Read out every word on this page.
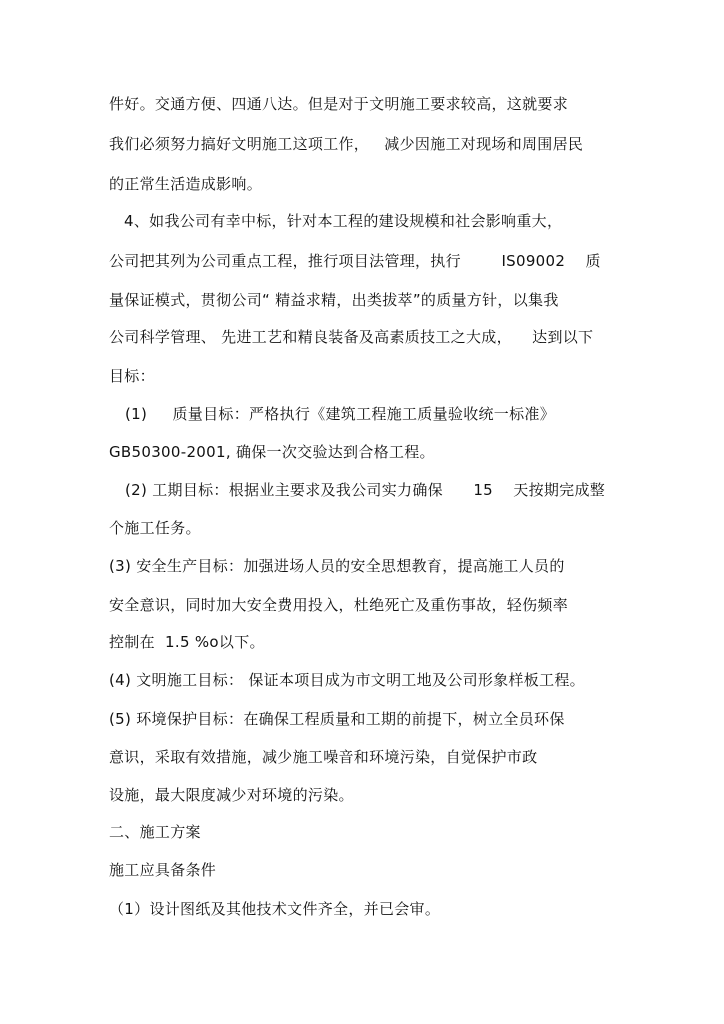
件好。交通方便、四通八达。但是对于文明施工要求较高，这就要求
我们必须努力搞好文明施工这项工作，   减少因施工对现场和周围居民
的正常生活造成影响。
4、如我公司有幸中标，针对本工程的建设规模和社会影响重大，
公司把其列为公司重点工程，推行项目法管理，执行        IS09002    质
量保证模式，贯彻公司“ 精益求精，出类拔萃”的质量方针，以集我
公司科学管理、 先进工艺和精良装备及高素质技工之大成，    达到以下
目标：
(1)     质量目标：严格执行《建筑工程施工质量验收统一标准》
GB50300-2001, 确保一次交验达到合格工程。
(2) 工期目标：根据业主要求及我公司实力确保      15    天按期完成整
个施工任务。
(3) 安全生产目标：加强进场人员的安全思想教育，提高施工人员的
安全意识，同时加大安全费用投入，杜绝死亡及重伤事故，轻伤频率
控制在  1.5 %o以下。
(4) 文明施工目标： 保证本项目成为市文明工地及公司形象样板工程。
(5) 环境保护目标：在确保工程质量和工期的前提下，树立全员环保
意识，采取有效措施，减少施工噪音和环境污染，自觉保护市政
设施，最大限度减少对环境的污染。
二、施工方案
施工应具备条件
（1）设计图纸及其他技术文件齐全，并已会审。
